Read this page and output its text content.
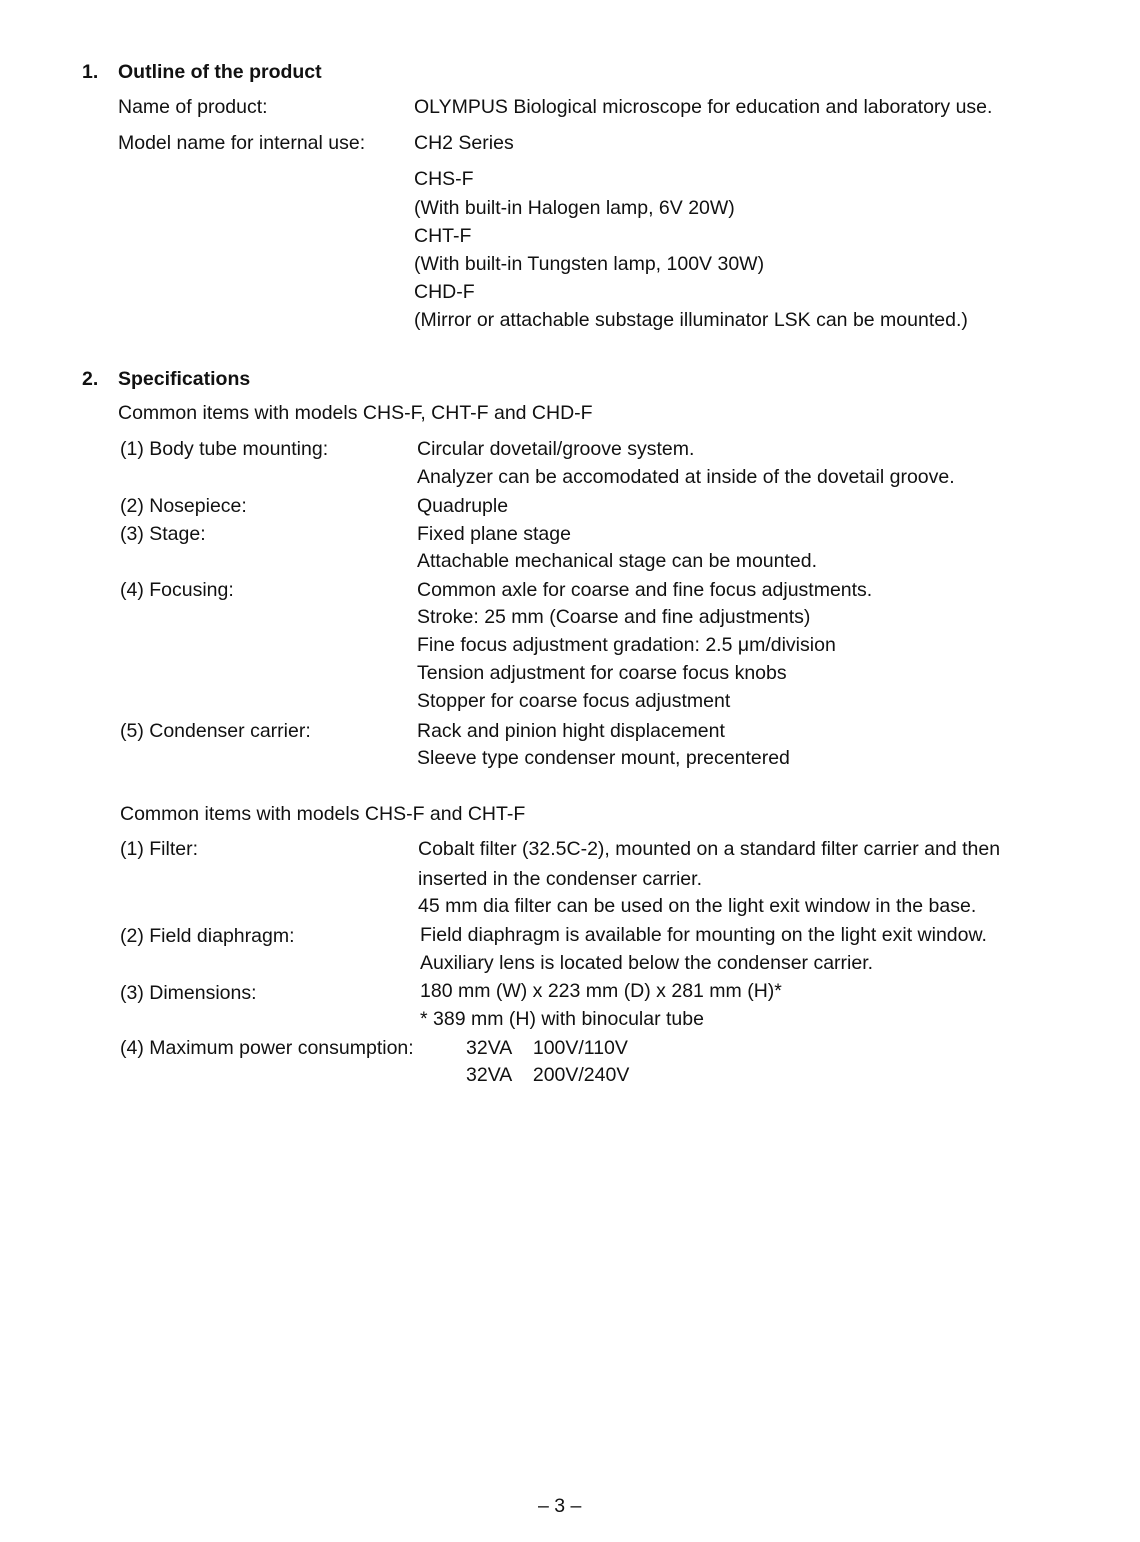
1. Outline of the product
Name of product:	OLYMPUS Biological microscope for education and laboratory use.
Model name for internal use:	CH2 Series
CHS-F
(With built-in Halogen lamp, 6V 20W)
CHT-F
(With built-in Tungsten lamp, 100V 30W)
CHD-F
(Mirror or attachable substage illuminator LSK can be mounted.)
2. Specifications
Common items with models CHS-F, CHT-F and CHD-F
(1) Body tube mounting:	Circular dovetail/groove system.
Analyzer can be accomodated at inside of the dovetail groove.
(2) Nosepiece:	Quadruple
(3) Stage:	Fixed plane stage
Attachable mechanical stage can be mounted.
(4) Focusing:	Common axle for coarse and fine focus adjustments.
Stroke: 25 mm (Coarse and fine adjustments)
Fine focus adjustment gradation: 2.5 μm/division
Tension adjustment for coarse focus knobs
Stopper for coarse focus adjustment
(5) Condenser carrier:	Rack and pinion hight displacement
Sleeve type condenser mount, precentered
Common items with models CHS-F and CHT-F
(1) Filter:	Cobalt filter (32.5C-2), mounted on a standard filter carrier and then
inserted in the condenser carrier.
45 mm dia filter can be used on the light exit window in the base.
(2) Field diaphragm:	Field diaphragm is available for mounting on the light exit window.
Auxiliary lens is located below the condenser carrier.
(3) Dimensions:	180 mm (W) x 223 mm (D) x 281 mm (H)*
* 389 mm (H) with binocular tube
(4) Maximum power consumption:	32VA    100V/110V
32VA    200V/240V
– 3 –
